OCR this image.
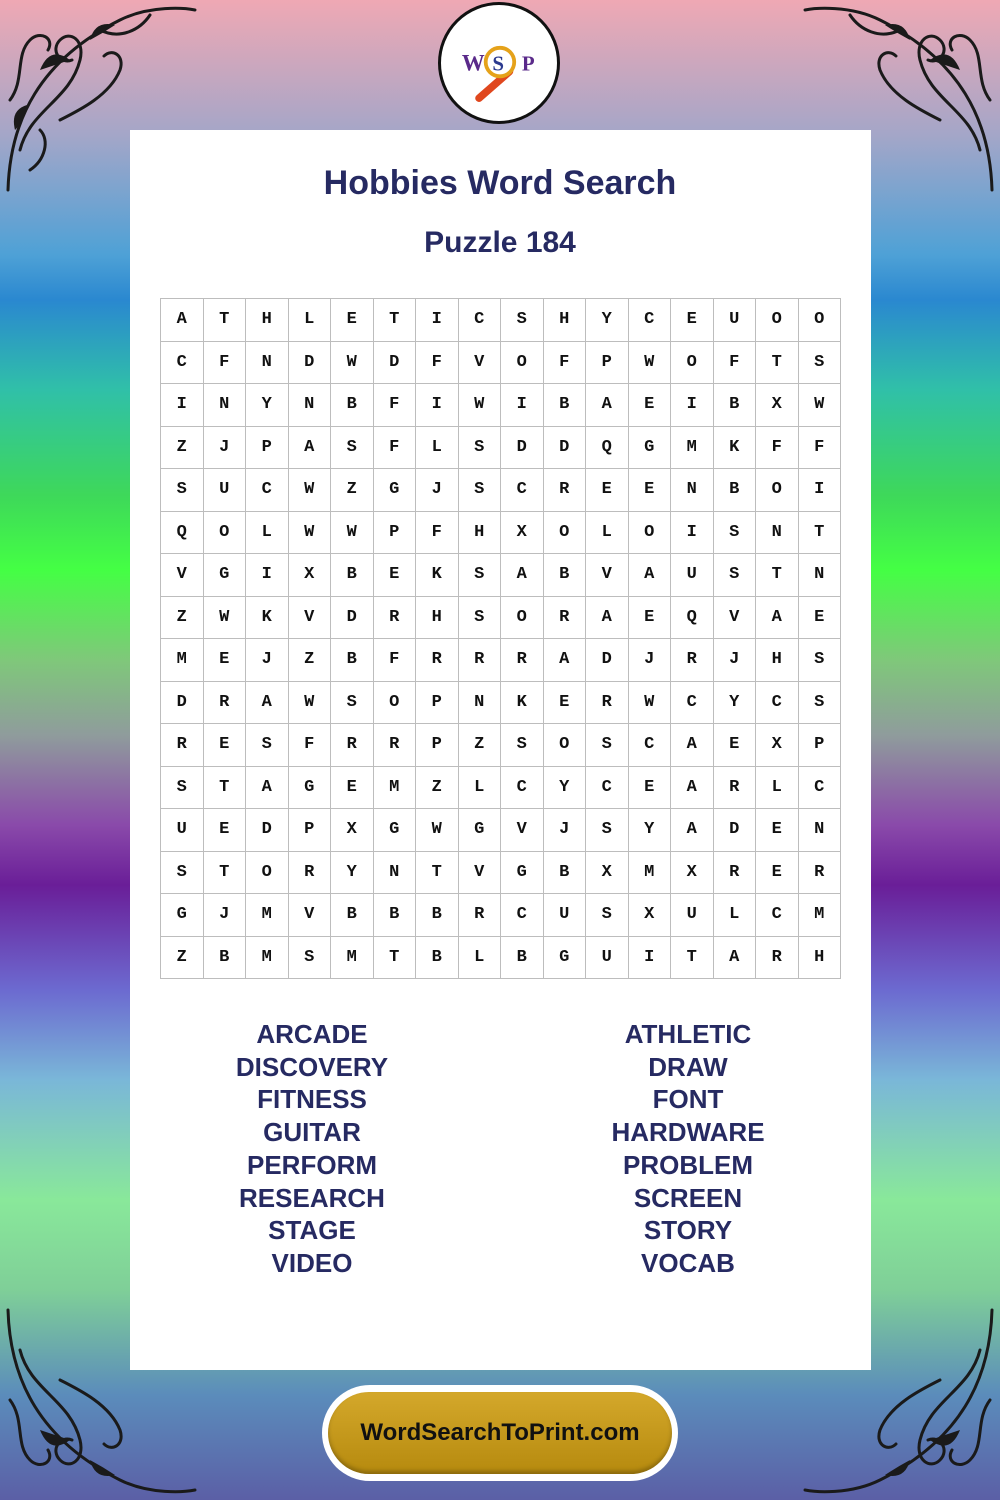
W S P
Hobbies Word Search
Puzzle 184
A	T	H	L	E	T	I	C	S	H	Y	C	E	U	O	O
C	F	N	D	W	D	F	V	O	F	P	W	O	F	T	S
I	N	Y	N	B	F	I	W	I	B	A	E	I	B	X	W
Z	J	P	A	S	F	L	S	D	D	Q	G	M	K	F	F
S	U	C	W	Z	G	J	S	C	R	E	E	N	B	O	I
Q	O	L	W	W	P	F	H	X	O	L	O	I	S	N	T
V	G	I	X	B	E	K	S	A	B	V	A	U	S	T	N
Z	W	K	V	D	R	H	S	O	R	A	E	Q	V	A	E
M	E	J	Z	B	F	R	R	R	A	D	J	R	J	H	S
D	R	A	W	S	O	P	N	K	E	R	W	C	Y	C	S
R	E	S	F	R	R	P	Z	S	O	S	C	A	E	X	P
S	T	A	G	E	M	Z	L	C	Y	C	E	A	R	L	C
U	E	D	P	X	G	W	G	V	J	S	Y	A	D	E	N
S	T	O	R	Y	N	T	V	G	B	X	M	X	R	E	R
G	J	M	V	B	B	B	R	C	U	S	X	U	L	C	M
Z	B	M	S	M	T	B	L	B	G	U	I	T	A	R	H
ARCADE
DISCOVERY
FITNESS
GUITAR
PERFORM
RESEARCH
STAGE
VIDEO
ATHLETIC
DRAW
FONT
HARDWARE
PROBLEM
SCREEN
STORY
VOCAB
WordSearchToPrint.com
